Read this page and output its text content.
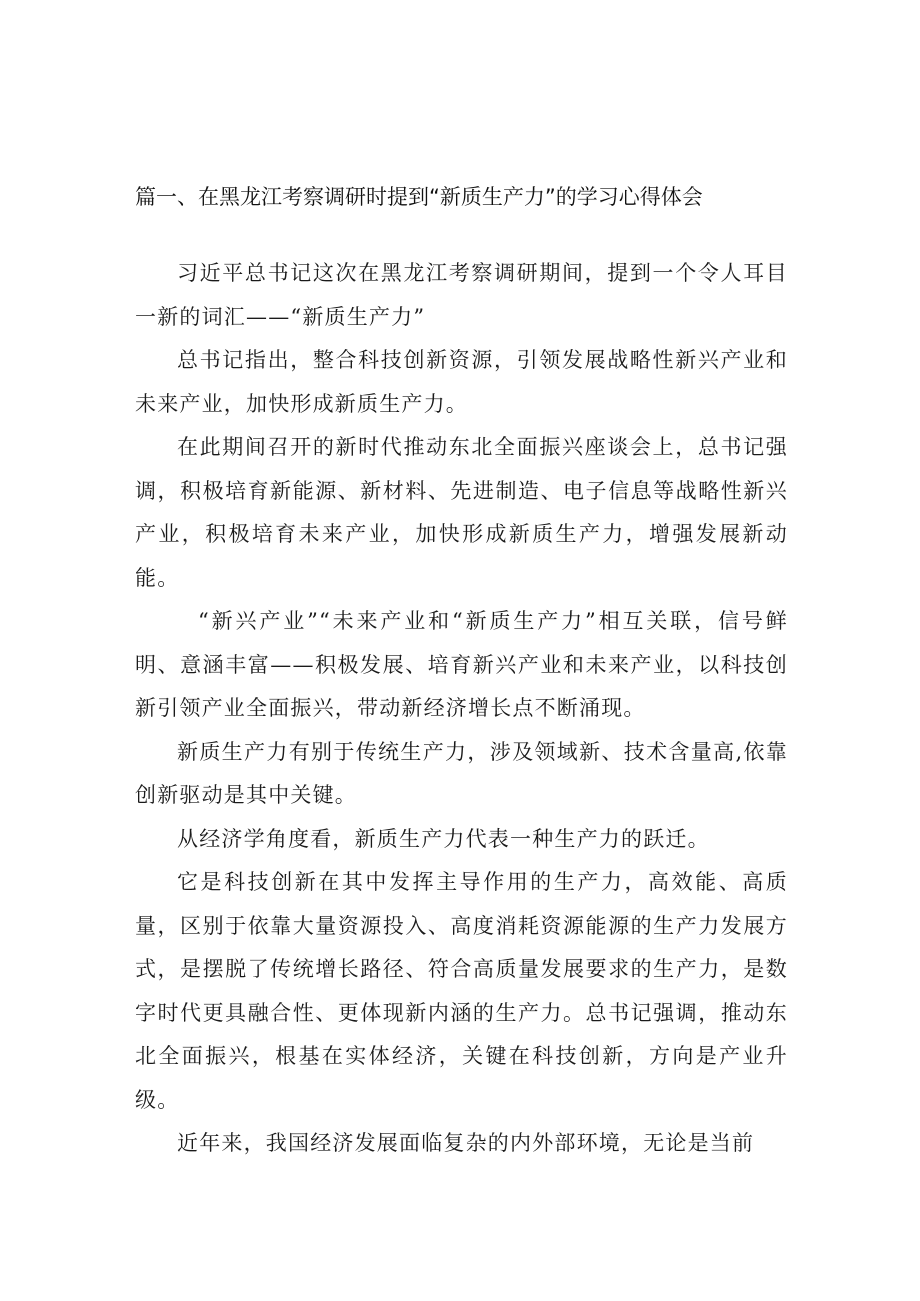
篇一、在黑龙江考察调研时提到“新质生产力”的学习心得体会

习近平总书记这次在黑龙江考察调研期间，提到一个令人耳目一新的词汇——“新质生产力”

总书记指出，整合科技创新资源，引领发展战略性新兴产业和未来产业，加快形成新质生产力。

在此期间召开的新时代推动东北全面振兴座谈会上，总书记强调，积极培育新能源、新材料、先进制造、电子信息等战略性新兴产业，积极培育未来产业，加快形成新质生产力，增强发展新动能。

“新兴产业”“未来产业和“新质生产力”相互关联，信号鲜明、意涵丰富——积极发展、培育新兴产业和未来产业，以科技创新引领产业全面振兴，带动新经济增长点不断涌现。

新质生产力有别于传统生产力，涉及领域新、技术含量高,依靠创新驱动是其中关键。

从经济学角度看，新质生产力代表一种生产力的跃迁。

它是科技创新在其中发挥主导作用的生产力，高效能、高质量，区别于依靠大量资源投入、高度消耗资源能源的生产力发展方式，是摆脱了传统增长路径、符合高质量发展要求的生产力，是数字时代更具融合性、更体现新内涵的生产力。总书记强调，推动东北全面振兴，根基在实体经济，关键在科技创新，方向是产业升级。

近年来，我国经济发展面临复杂的内外部环境，无论是当前
